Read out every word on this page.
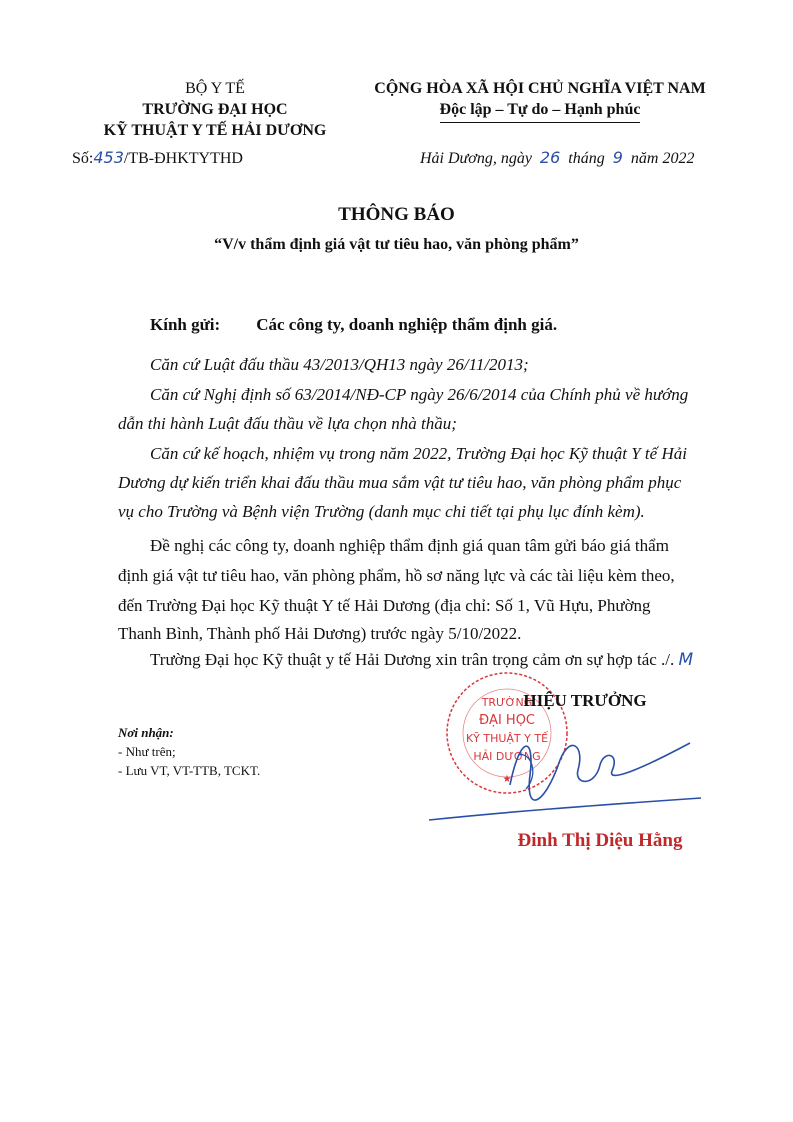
BỘ Y TẾ
TRƯỜNG ĐẠI HỌC
KỸ THUẬT Y TẾ HẢI DƯƠNG
Số:453/TB-ĐHKTYTHD
CỘNG HÒA XÃ HỘI CHỦ NGHĨA VIỆT NAM
Độc lập – Tự do – Hạnh phúc
Hải Dương, ngày 26 tháng 9 năm 2022
THÔNG BÁO
“V/v thẩm định giá vật tư tiêu hao, văn phòng phẩm”
Kính gửi: Các công ty, doanh nghiệp thẩm định giá.
Căn cứ Luật đấu thầu 43/2013/QH13 ngày 26/11/2013;
Căn cứ Nghị định số 63/2014/NĐ-CP ngày 26/6/2014 của Chính phủ về hướng
dẫn thi hành Luật đấu thầu về lựa chọn nhà thầu;
Căn cứ kế hoạch, nhiệm vụ trong năm 2022, Trường Đại học Kỹ thuật Y tế Hải
Dương dự kiến triển khai đấu thầu mua sắm vật tư tiêu hao, văn phòng phẩm phục
vụ cho Trường và Bệnh viện Trường (danh mục chi tiết tại phụ lục đính kèm).
Đề nghị các công ty, doanh nghiệp thẩm định giá quan tâm gửi báo giá thẩm
định giá vật tư tiêu hao, văn phòng phẩm, hồ sơ năng lực và các tài liệu kèm theo,
đến Trường Đại học Kỹ thuật Y tế Hải Dương (địa chỉ: Số 1, Vũ Hựu, Phường
Thanh Bình, Thành phố Hải Dương) trước ngày 5/10/2022.
Trường Đại học Kỹ thuật y tế Hải Dương xin trân trọng cảm ơn sự hợp tác ./. M
Nơi nhận:
- Như trên;
- Lưu VT, VT-TTB, TCKT.
TRƯỜNG
ĐẠI HỌC
KỸ THUẬT Y TẾ
HẢI DƯƠNG
★
HIỆU TRƯỞNG
Đinh Thị Diệu Hằng
